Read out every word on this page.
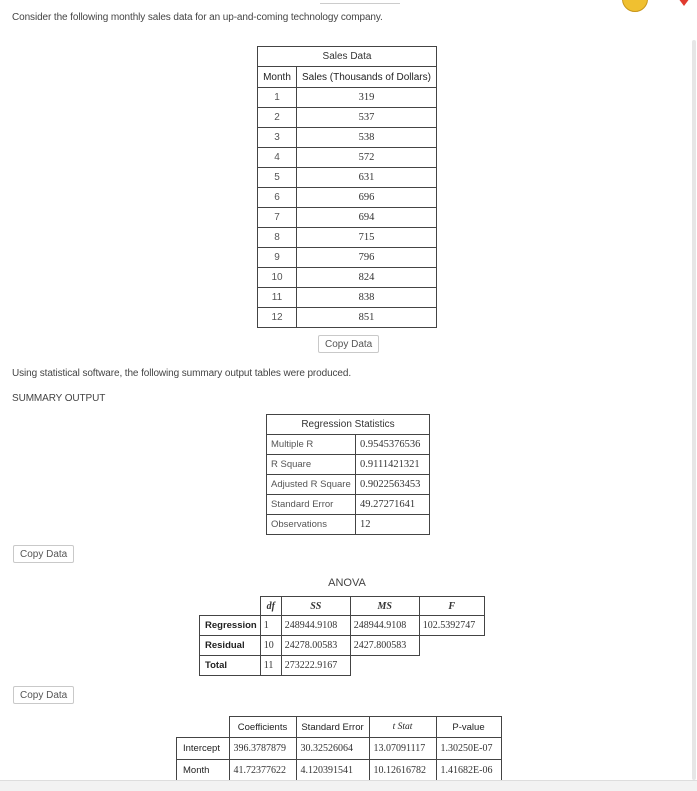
Consider the following monthly sales data for an up-and-coming technology company.
Sales Data	
Month	Sales (Thousands of Dollars)
1	319
2	537
3	538
4	572
5	631
6	696
7	694
8	715
9	796
10	824
11	838
12	851
Copy Data
Using statistical software, the following summary output tables were produced.
SUMMARY OUTPUT
Regression Statistics	
Multiple R	0.9545376536
R Square	0.9111421321
Adjusted R Square	0.9022563453
Standard Error	49.27271641
Observations	12
Copy Data
ANOVA
	df	SS	MS	F
Regression	1	248944.9108	248944.9108	102.5392747
Residual	10	24278.00583	2427.800583	
Total	11	273222.9167		
Copy Data
	Coefficients	Standard Error	t Stat	P-value
Intercept	396.3787879	30.32526064	13.07091117	1.30250E-07
Month	41.72377622	4.120391541	10.12616782	1.41682E-06
